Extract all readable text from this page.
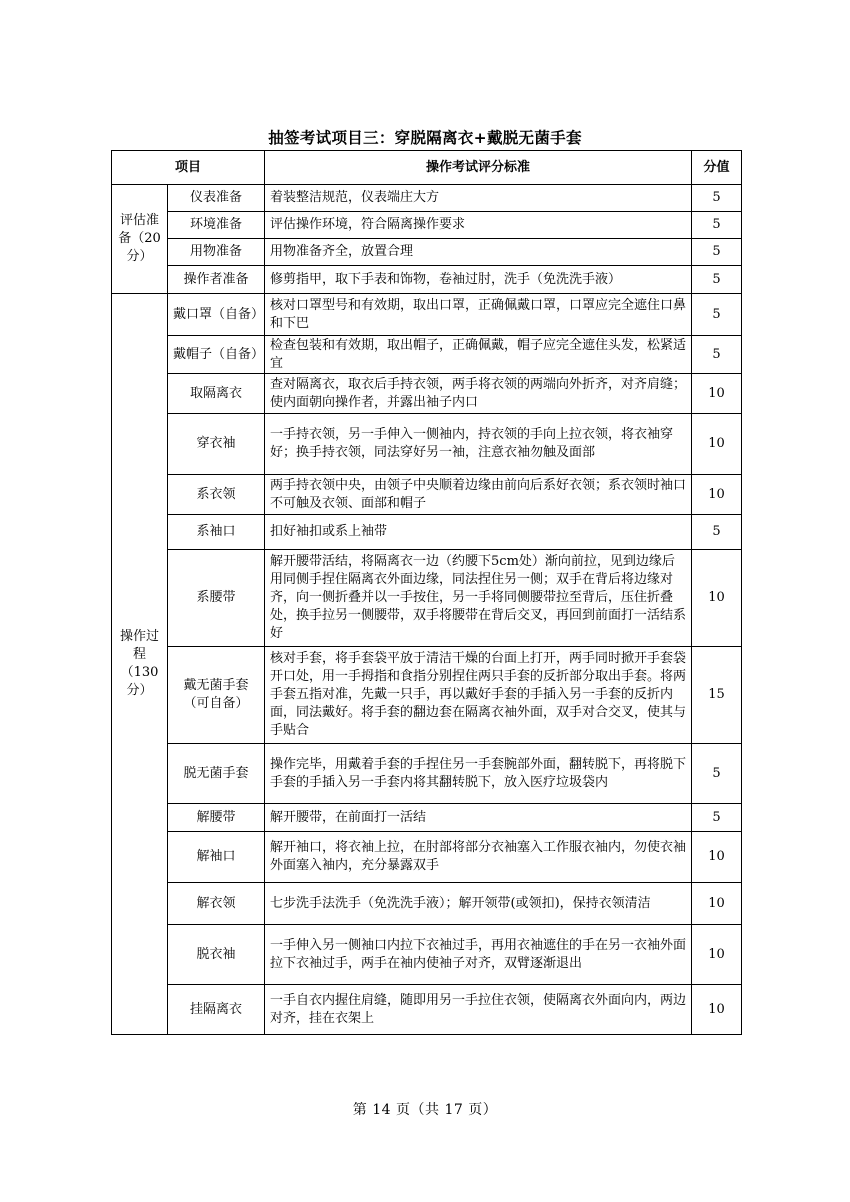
抽签考试项目三：穿脱隔离衣+戴脱无菌手套
项目		操作考试评分标准	分值
评估准备（20分）	仪表准备	着装整洁规范，仪表端庄大方	5
	环境准备	评估操作环境，符合隔离操作要求	5
	用物准备	用物准备齐全，放置合理	5
	操作者准备	修剪指甲，取下手表和饰物，卷袖过肘，洗手（免洗洗手液）	5
操作过程（130分）	戴口罩（自备）	核对口罩型号和有效期，取出口罩，正确佩戴口罩，口罩应完全遮住口鼻和下巴	5
	戴帽子（自备）	检查包装和有效期，取出帽子，正确佩戴，帽子应完全遮住头发，松紧适宜	5
	取隔离衣	查对隔离衣，取衣后手持衣领，两手将衣领的两端向外折齐，对齐肩缝；使内面朝向操作者，并露出袖子内口	10
	穿衣袖	一手持衣领，另一手伸入一侧袖内，持衣领的手向上拉衣领，将衣袖穿好；换手持衣领，同法穿好另一袖，注意衣袖勿触及面部	10
	系衣领	两手持衣领中央，由领子中央顺着边缘由前向后系好衣领；系衣领时袖口不可触及衣领、面部和帽子	10
	系袖口	扣好袖扣或系上袖带	5
	系腰带	解开腰带活结，将隔离衣一边（约腰下5cm处）渐向前拉，见到边缘后用同侧手捏住隔离衣外面边缘，同法捏住另一侧；双手在背后将边缘对齐，向一侧折叠并以一手按住，另一手将同侧腰带拉至背后，压住折叠处，换手拉另一侧腰带，双手将腰带在背后交叉，再回到前面打一活结系好	10
	戴无菌手套（可自备）	核对手套，将手套袋平放于清洁干燥的台面上打开，两手同时掀开手套袋开口处，用一手拇指和食指分别捏住两只手套的反折部分取出手套。将两手套五指对准，先戴一只手，再以戴好手套的手插入另一手套的反折内面，同法戴好。将手套的翻边套在隔离衣袖外面，双手对合交叉，使其与手贴合	15
	脱无菌手套	操作完毕，用戴着手套的手捏住另一手套腕部外面，翻转脱下，再将脱下手套的手插入另一手套内将其翻转脱下，放入医疗垃圾袋内	5
	解腰带	解开腰带，在前面打一活结	5
	解袖口	解开袖口，将衣袖上拉，在肘部将部分衣袖塞入工作服衣袖内，勿使衣袖外面塞入袖内，充分暴露双手	10
	解衣领	七步洗手法洗手（免洗洗手液）；解开领带(或领扣)，保持衣领清洁	10
	脱衣袖	一手伸入另一侧袖口内拉下衣袖过手，再用衣袖遮住的手在另一衣袖外面拉下衣袖过手，两手在袖内使袖子对齐，双臂逐渐退出	10
	挂隔离衣	一手自衣内握住肩缝，随即用另一手拉住衣领，使隔离衣外面向内，两边对齐，挂在衣架上	10
第 14 页（共 17 页）
